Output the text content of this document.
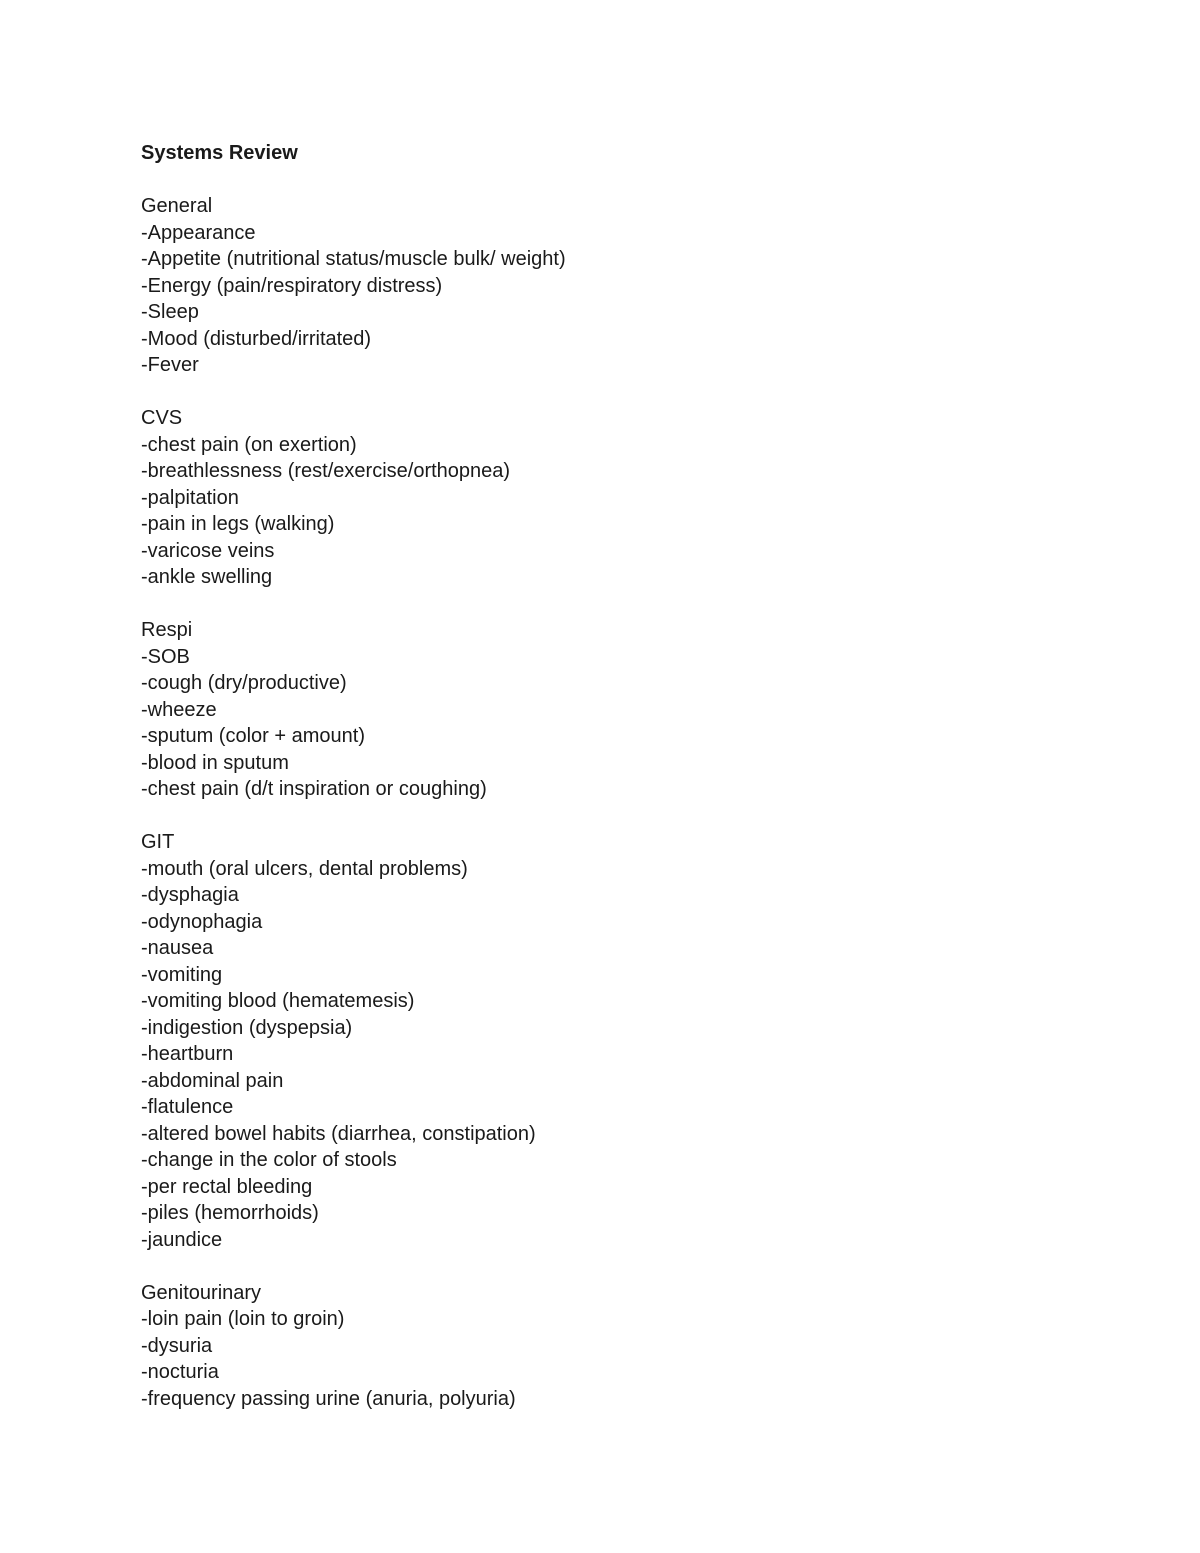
Systems Review
General
-Appearance
-Appetite (nutritional status/muscle bulk/ weight)
-Energy (pain/respiratory distress)
-Sleep
-Mood (disturbed/irritated)
-Fever
CVS
-chest pain (on exertion)
-breathlessness (rest/exercise/orthopnea)
-palpitation
-pain in legs (walking)
-varicose veins
-ankle swelling
Respi
-SOB
-cough (dry/productive)
-wheeze
-sputum (color + amount)
-blood in sputum
-chest pain (d/t inspiration or coughing)
GIT
-mouth (oral ulcers, dental problems)
-dysphagia
-odynophagia
-nausea
-vomiting
-vomiting blood (hematemesis)
-indigestion (dyspepsia)
-heartburn
-abdominal pain
-flatulence
-altered bowel habits (diarrhea, constipation)
-change in the color of stools
-per rectal bleeding
-piles (hemorrhoids)
-jaundice
Genitourinary
-loin pain (loin to groin)
-dysuria
-nocturia
-frequency passing urine (anuria, polyuria)
